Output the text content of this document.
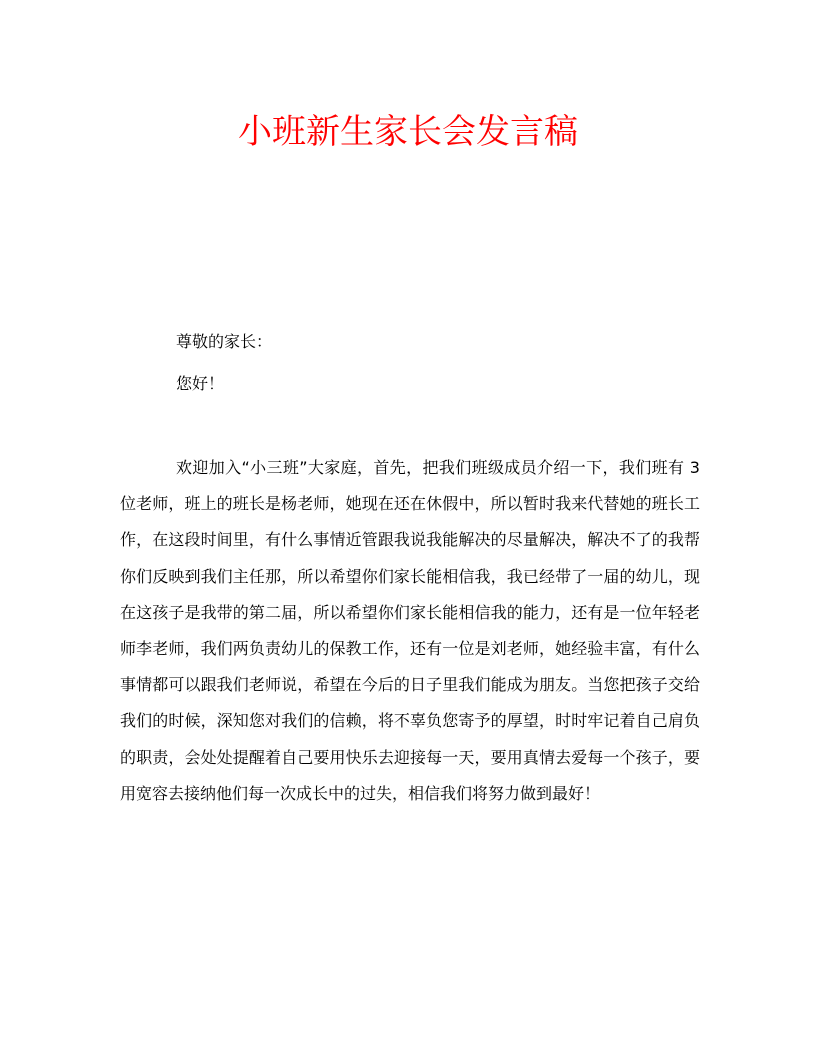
小班新生家长会发言稿

尊敬的家长：

您好！

欢迎加入“小三班”大家庭，首先，把我们班级成员介绍一下，我们班有 3 位老师，班上的班长是杨老师，她现在还在休假中，所以暂时我来代替她的班长工作，在这段时间里，有什么事情近管跟我说我能解决的尽量解决，解决不了的我帮你们反映到我们主任那，所以希望你们家长能相信我，我已经带了一届的幼儿，现在这孩子是我带的第二届，所以希望你们家长能相信我的能力，还有是一位年轻老师李老师，我们两负责幼儿的保教工作，还有一位是刘老师，她经验丰富，有什么事情都可以跟我们老师说，希望在今后的日子里我们能成为朋友。当您把孩子交给我们的时候，深知您对我们的信赖，将不辜负您寄予的厚望，时时牢记着自己肩负的职责，会处处提醒着自己要用快乐去迎接每一天，要用真情去爱每一个孩子，要用宽容去接纳他们每一次成长中的过失，相信我们将努力做到最好！
